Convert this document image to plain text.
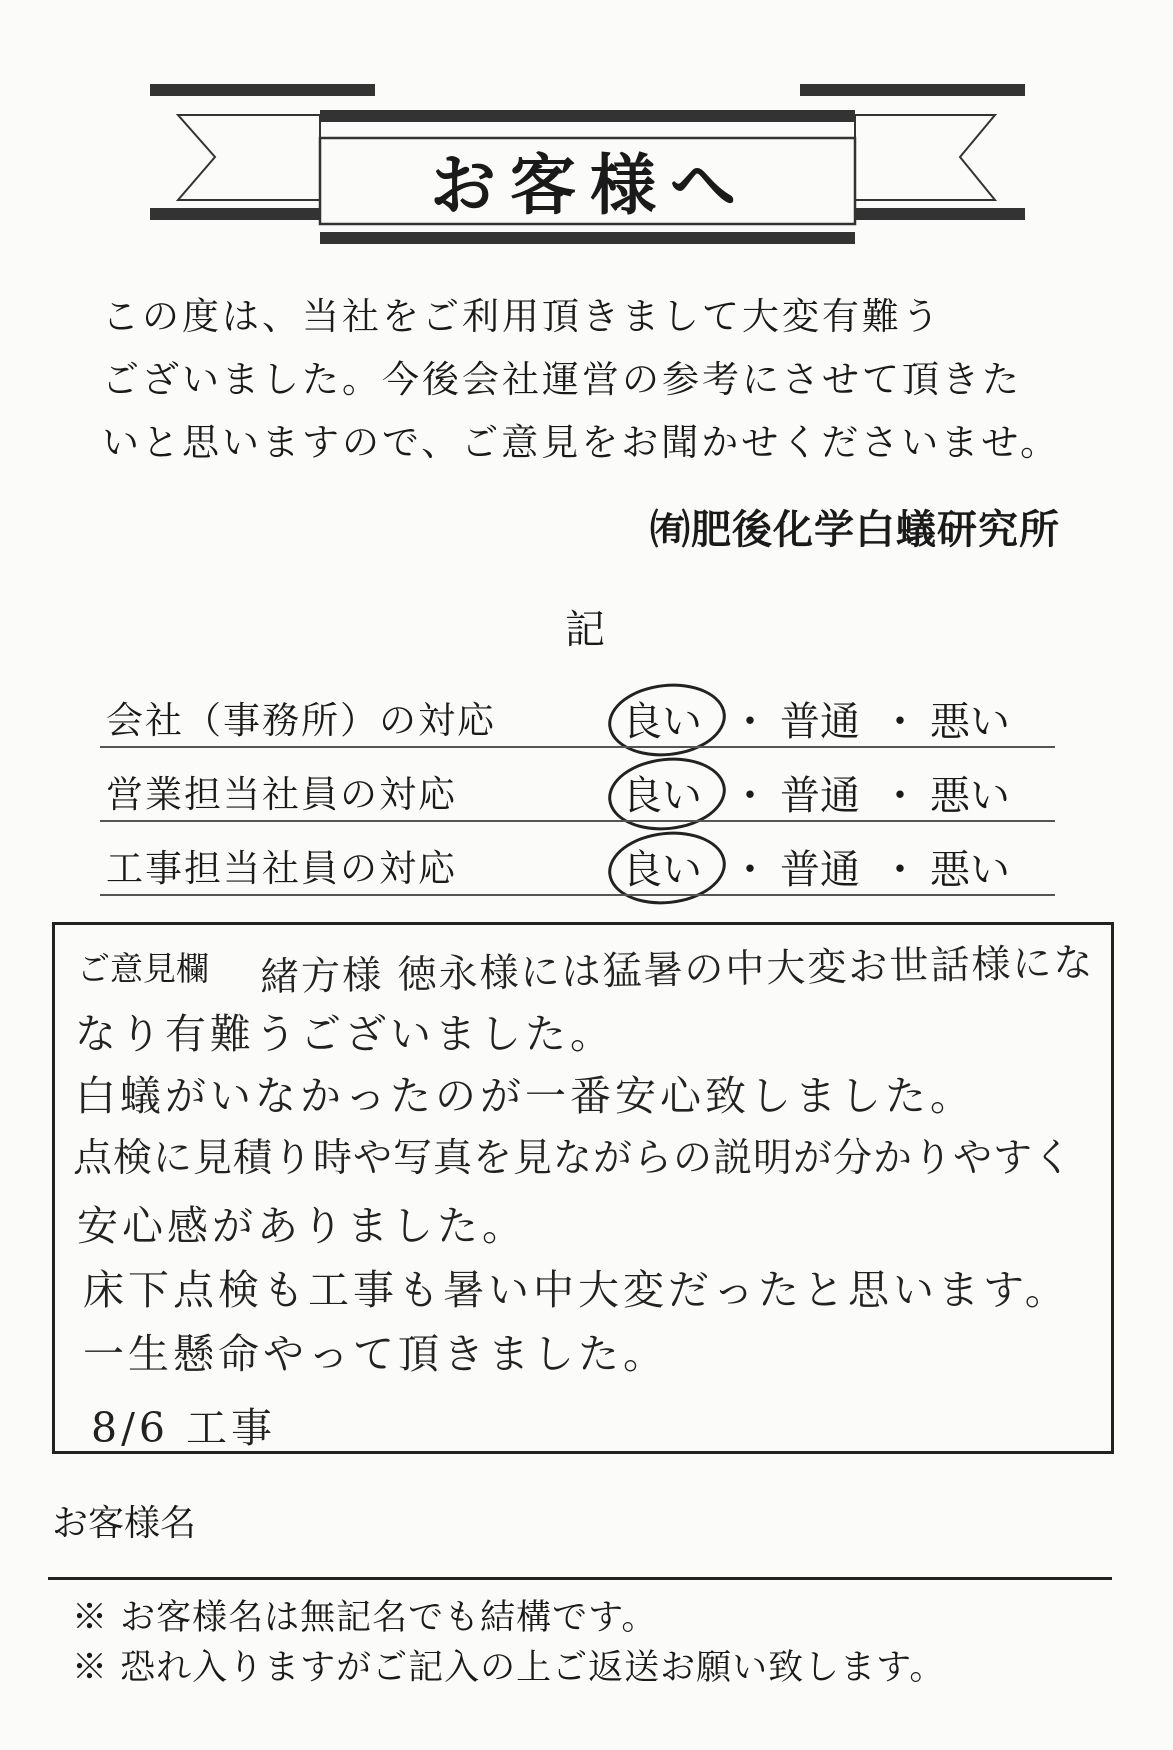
お客様へ
この度は、当社をご利用頂きまして大変有難う
ございました。今後会社運営の参考にさせて頂きた
いと思いますので、ご意見をお聞かせくださいませ。
㈲肥後化学白蟻研究所
記
会社（事務所）の対応	良い ・ 普通 ・ 悪い
営業担当社員の対応	良い ・ 普通 ・ 悪い
工事担当社員の対応	良い ・ 普通 ・ 悪い
ご意見欄 緒方様 徳永様には猛暑の中大変お世話様にな
なり有難うございました。
白蟻がいなかったのが一番安心致しました。
点検に見積り時や写真を見ながらの説明が分かりやすく
安心感がありました。
床下点検も工事も暑い中大変だったと思います。
一生懸命やって頂きました。
8/6 工事
お客様名
※ お客様名は無記名でも結構です。
※ 恐れ入りますがご記入の上ご返送お願い致します。
